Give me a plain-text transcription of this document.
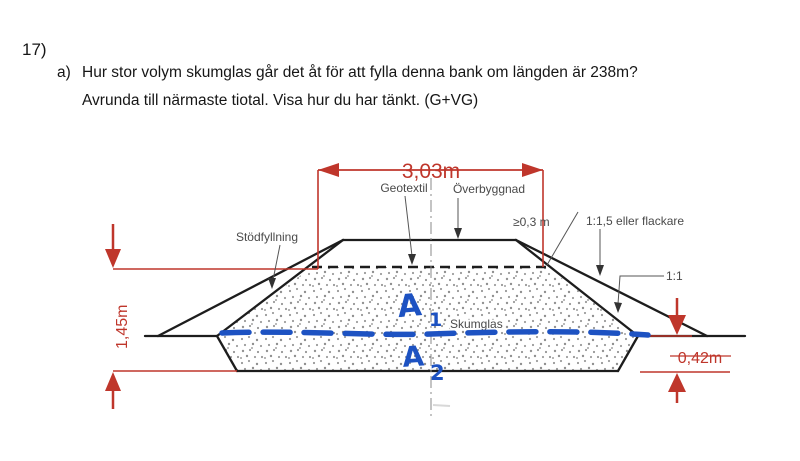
17)
a) Hur stor volym skumglas går det åt för att fylla denna bank om längden är 238m?
Avrunda till närmaste tiotal. Visa hur du har tänkt. (G+VG)
3,03m
1,45m
0,42m
Geotextil Överbyggnad
Stödfyllning
≥0,3 m	1:1,5 eller flackare
1:1
Skumglas
A 1
A 2
